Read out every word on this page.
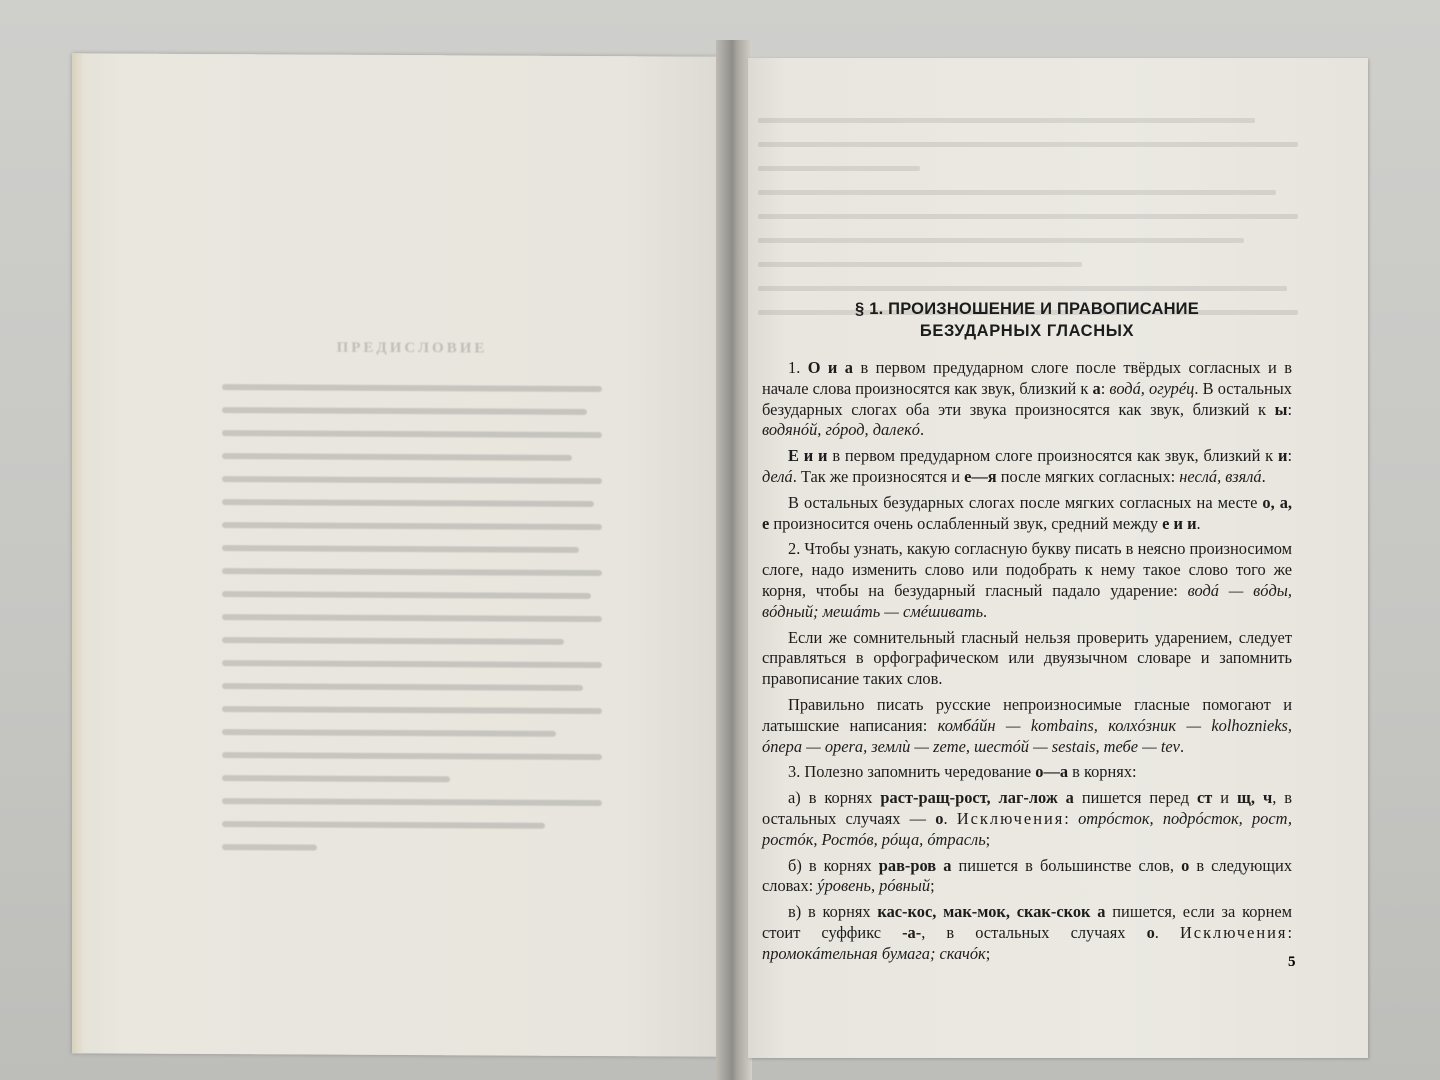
ПРЕДИСЛОВИЕ
§ 1. ПРОИЗНОШЕНИЕ И ПРАВОПИСАНИЕ
БЕЗУДАРНЫХ ГЛАСНЫХ

1. О и а в первом предударном слоге после твёрдых согласных и в начале слова произносятся как звук, близкий к а: водá, огурéц. В остальных безударных слогах оба эти звука произносятся как звук, близкий к ы: водянóй, гóрод, далекó.

Е и и в первом предударном слоге произносятся как звук, близкий к и: делá. Так же произносятся и е—я после мягких согласных: неслá, взялá.

В остальных безударных слогах после мягких согласных на месте о, а, е произносится очень ослабленный звук, средний между е и и.

2. Чтобы узнать, какую согласную букву писать в неясно произносимом слоге, надо изменить слово или подобрать к нему такое слово того же корня, чтобы на безударный гласный падало ударение: водá — вóды, вóдный; мешáть — смéшивать.

Если же сомнительный гласный нельзя проверить ударением, следует справляться в орфографическом или двуязычном словаре и запомнить правописание таких слов.

Правильно писать русские непроизносимые гласные помогают и латышские написания: комбáйн — kombains, колхóзник — kolhoznieks, óпера — opera, землѝ — zeme, шестóй — sestais, тебе — tev.

3. Полезно запомнить чередование о—а в корнях:

а) в корнях раст-ращ-рост, лаг-лож а пишется перед ст и щ, ч, в остальных случаях — о. Исключения: отрóсток, подрóсток, рост, ростóк, Ростóв, рóща, óтрасль;

б) в корнях рав-ров а пишется в большинстве слов, о в следующих словах: ýровень, рóвный;

в) в корнях кас-кос, мак-мок, скак-скок а пишется, если за корнем стоит суффикс -а-, в остальных случаях о. Исключения: промокáтельная бумага; скачóк;	5
